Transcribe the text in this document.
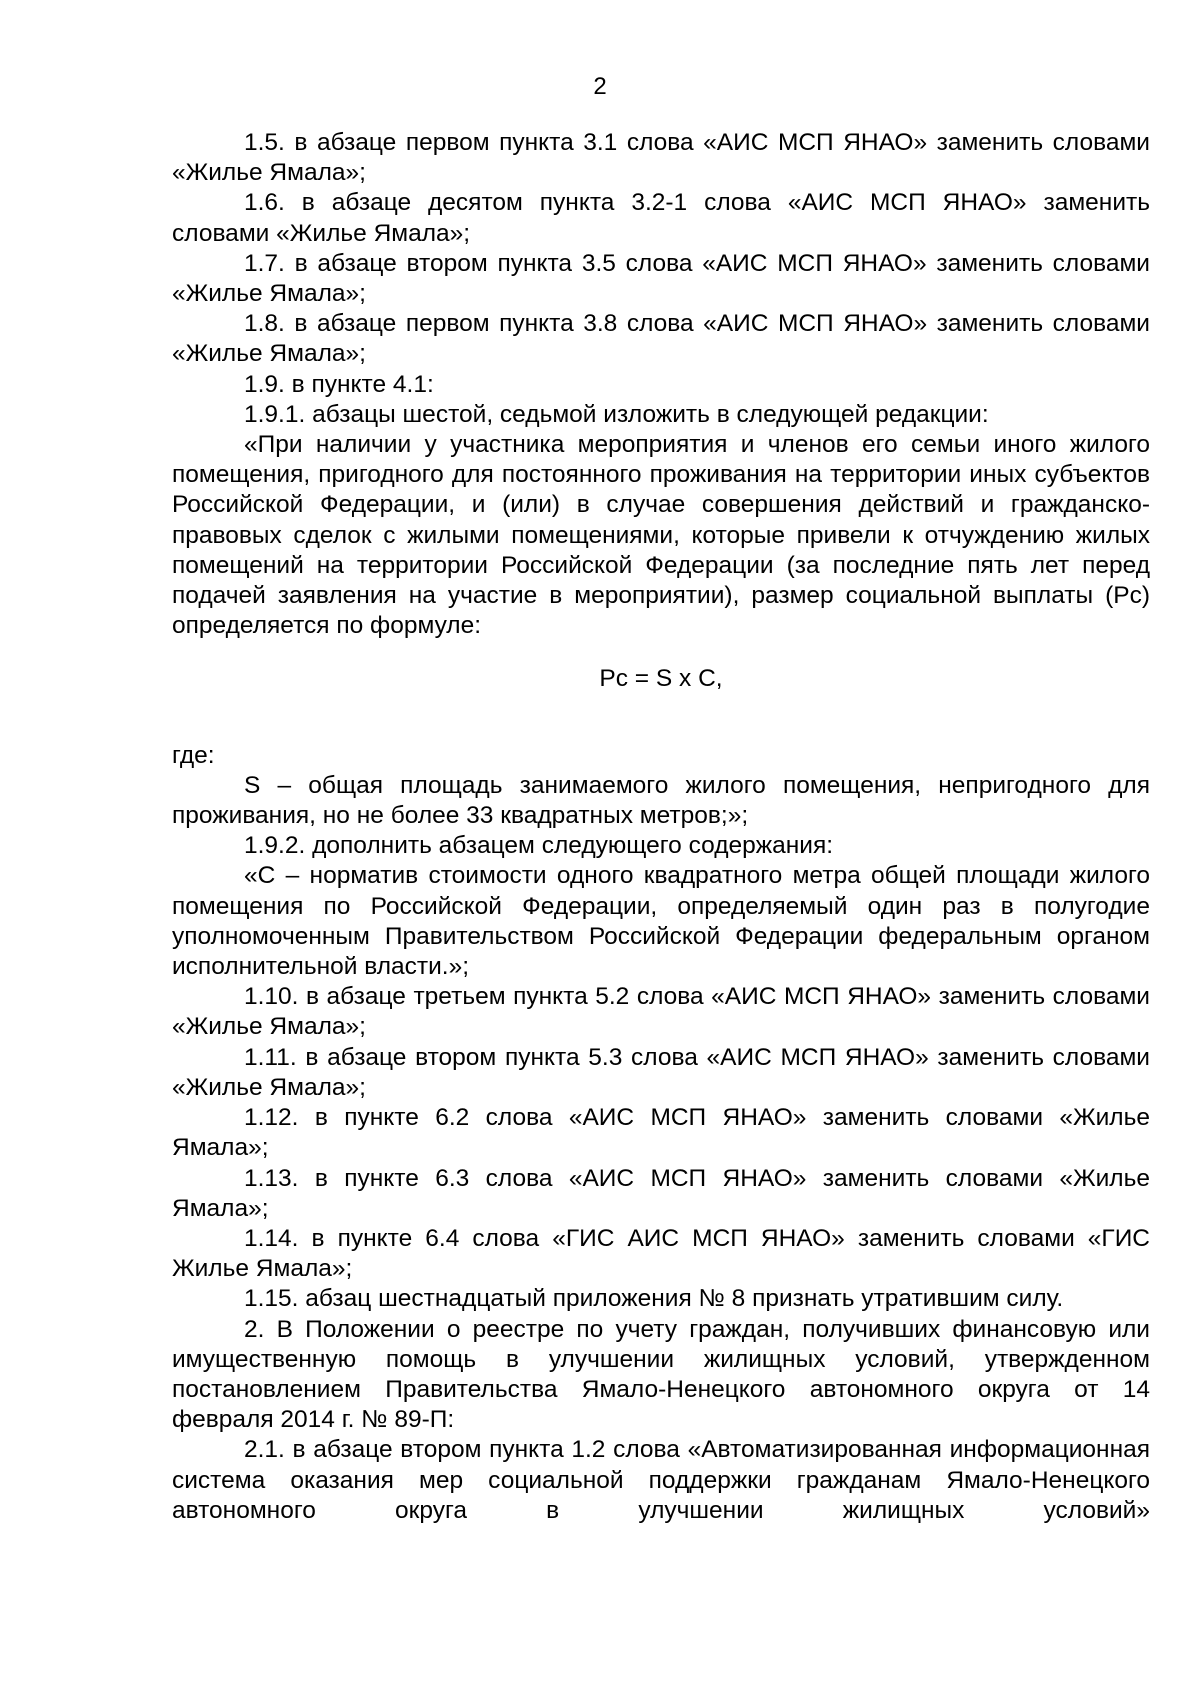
2

1.5. в абзаце первом пункта 3.1 слова «АИС МСП ЯНАО» заменить словами «Жилье Ямала»;

1.6. в абзаце десятом пункта 3.2-1 слова «АИС МСП ЯНАО» заменить словами «Жилье Ямала»;

1.7. в абзаце втором пункта 3.5 слова «АИС МСП ЯНАО» заменить словами «Жилье Ямала»;

1.8. в абзаце первом пункта 3.8 слова «АИС МСП ЯНАО» заменить словами «Жилье Ямала»;

1.9. в пункте 4.1:

1.9.1. абзацы шестой, седьмой изложить в следующей редакции:

«При наличии у участника мероприятия и членов его семьи иного жилого помещения, пригодного для постоянного проживания на территории иных субъектов Российской Федерации, и (или) в случае совершения действий и гражданско-правовых сделок с жилыми помещениями, которые привели к отчуждению жилых помещений на территории Российской Федерации (за последние пять лет перед подачей заявления на участие в мероприятии), размер социальной выплаты (Рс) определяется по формуле:

Рс = S х С,

где:

S – общая площадь занимаемого жилого помещения, непригодного для проживания, но не более 33 квадратных метров;»;

1.9.2. дополнить абзацем следующего содержания:

«С – норматив стоимости одного квадратного метра общей площади жилого помещения по Российской Федерации, определяемый один раз в полугодие уполномоченным Правительством Российской Федерации федеральным органом исполнительной власти.»;

1.10. в абзаце третьем пункта 5.2 слова «АИС МСП ЯНАО» заменить словами «Жилье Ямала»;

1.11. в абзаце втором пункта 5.3 слова «АИС МСП ЯНАО» заменить словами «Жилье Ямала»;

1.12. в пункте 6.2 слова «АИС МСП ЯНАО» заменить словами «Жилье Ямала»;

1.13. в пункте 6.3 слова «АИС МСП ЯНАО» заменить словами «Жилье Ямала»;

1.14. в пункте 6.4 слова «ГИС АИС МСП ЯНАО» заменить словами «ГИС Жилье Ямала»;

1.15. абзац шестнадцатый приложения № 8 признать утратившим силу.

2. В Положении о реестре по учету граждан, получивших финансовую или имущественную помощь в улучшении жилищных условий, утвержденном постановлением Правительства Ямало-Ненецкого автономного округа от 14 февраля 2014 г. № 89-П:

2.1. в абзаце втором пункта 1.2 слова «Автоматизированная информационная система оказания мер социальной поддержки гражданам Ямало-Ненецкого автономного округа в улучшении жилищных условий»
